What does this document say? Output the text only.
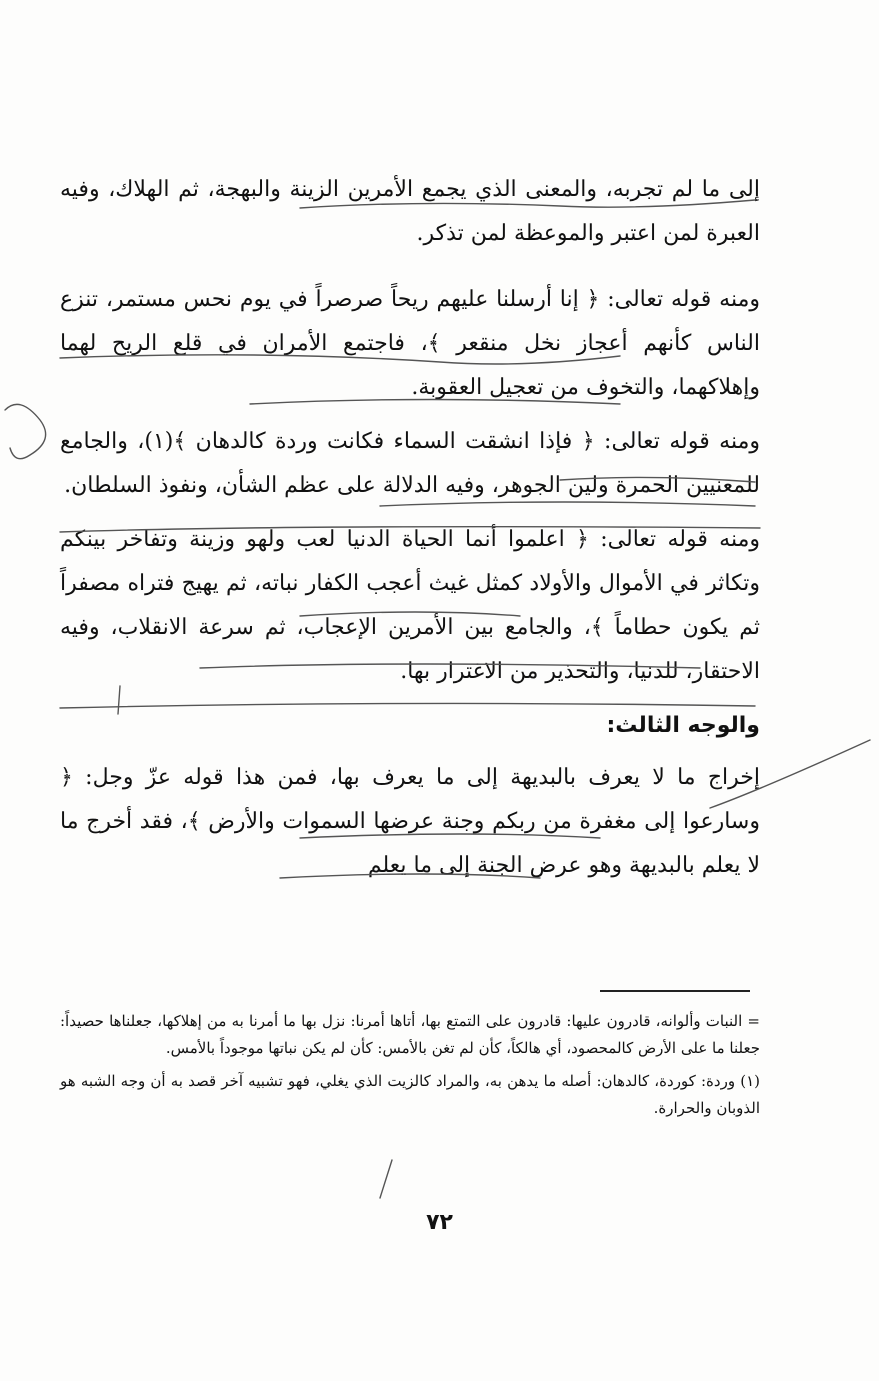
إلى ما لم تجربه، والمعنى الذي يجمع الأمرين الزينة والبهجة، ثم الهلاك، وفيه العبرة لمن اعتبر والموعظة لمن تذكر.

ومنه قوله تعالى: ﴿ إنا أرسلنا عليهم ريحاً صرصراً في يوم نحس مستمر، تنزع الناس كأنهم أعجاز نخل منقعر ﴾، فاجتمع الأمران في قلع الريح لهما وإهلاكهما، والتخوف من تعجيل العقوبة.

ومنه قوله تعالى: ﴿ فإذا انشقت السماء فكانت وردة كالدهان ﴾(١)، والجامع للمعنيين الحمرة ولين الجوهر، وفيه الدلالة على عظم الشأن، ونفوذ السلطان.

ومنه قوله تعالى: ﴿ اعلموا أنما الحياة الدنيا لعب ولهو وزينة وتفاخر بينكم وتكاثر في الأموال والأولاد كمثل غيث أعجب الكفار نباته، ثم يهيج فتراه مصفراً ثم يكون حطاماً ﴾، والجامع بين الأمرين الإعجاب، ثم سرعة الانقلاب، وفيه الاحتقار، للدنيا، والتحذير من الاغترار بها.

والوجه الثالث:

إخراج ما لا يعرف بالبديهة إلى ما يعرف بها، فمن هذا قوله عزّ وجل: ﴿ وسارعوا إلى مغفرة من ربكم وجنة عرضها السموات والأرض ﴾، فقد أخرج ما لا يعلم بالبديهة وهو عرض الجنة إلى ما يعلم

= النبات وألوانه، قادرون عليها: قادرون على التمتع بها، أتاها أمرنا: نزل بها ما أمرنا به من إهلاكها، جعلناها حصيداً: جعلنا ما على الأرض كالمحصود، أي هالكاً، كأن لم تغن بالأمس: كأن لم يكن نباتها موجوداً بالأمس.

(١) وردة: كوردة، كالدهان: أصله ما يدهن به، والمراد كالزيت الذي يغلي، فهو تشبيه آخر قصد به أن وجه الشبه هو الذوبان والحرارة.

٧٢
